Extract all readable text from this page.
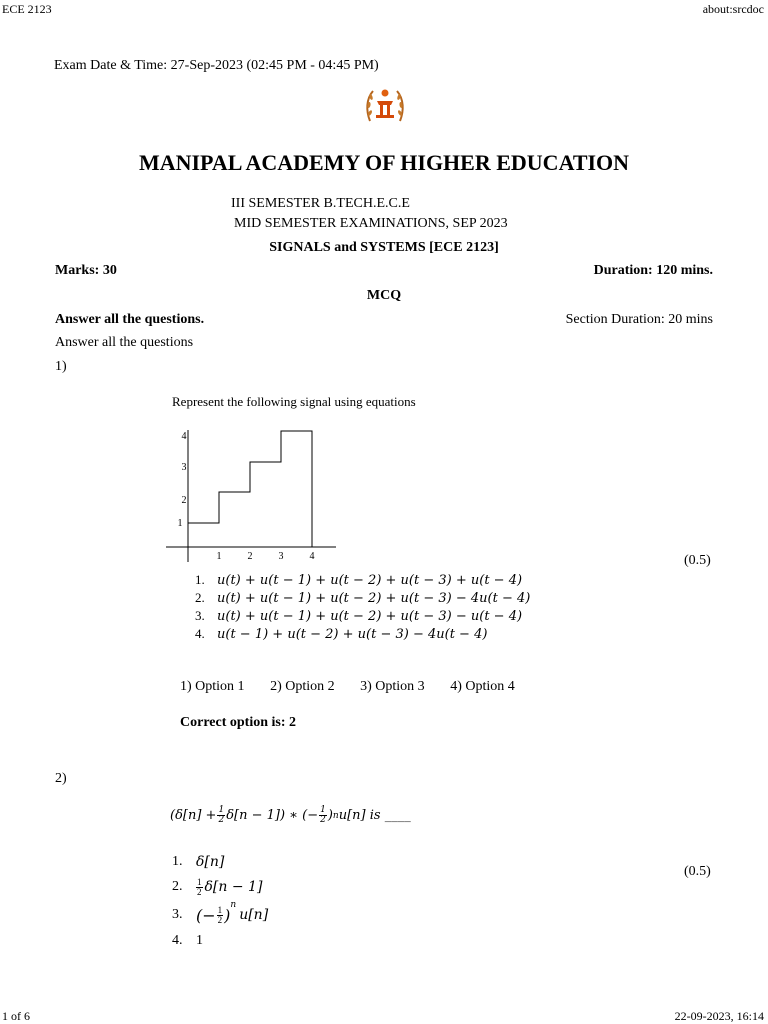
ECE 2123	about:srcdoc
1 of 6	22-09-2023, 16:14
Exam Date & Time: 27-Sep-2023 (02:45 PM - 04:45 PM)
MANIPAL ACADEMY OF HIGHER EDUCATION
III SEMESTER B.TECH.E.C.E
MID SEMESTER EXAMINATIONS, SEP 2023
SIGNALS and SYSTEMS [ECE 2123]
Marks: 30	Duration: 120 mins.
MCQ
Answer all the questions.	Section Duration: 20 mins
Answer all the questions
1)
Represent the following signal using equations
1
2
3
4
1	2	3	4	(0.5)
1. u(t) + u(t − 1) + u(t − 2) + u(t − 3) + u(t − 4)
2. u(t) + u(t − 1) + u(t − 2) + u(t − 3) − 4u(t − 4)
3. u(t) + u(t − 1) + u(t − 2) + u(t − 3) − u(t − 4)
4. u(t − 1) + u(t − 2) + u(t − 3) − 4u(t − 4)
1) Option 1 2) Option 2 3) Option 3 4) Option 4
Correct option is: 2
2)
$(\delta[n] + \frac{1}{2} \delta[n - 1])$ ∗ (− $\frac{1}{2}$ ) n u[n] is ____
(0.5)
1. δ[n]
2.	1
2 δ[n − 1]
3. (− $\frac{1}{2}$ )
$^n$
u[n]
4. 1
